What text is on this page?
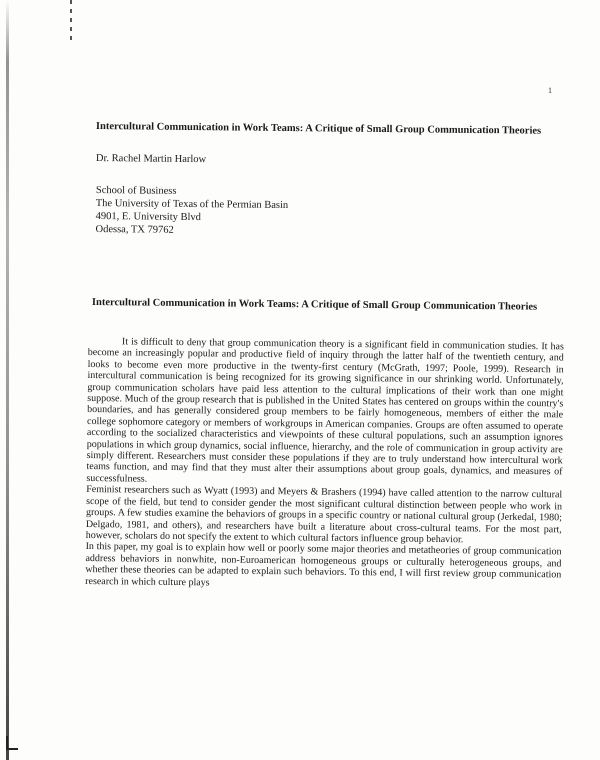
1
Intercultural Communication in Work Teams: A Critique of Small Group Communication Theories
Dr. Rachel Martin Harlow
School of Business
The University of Texas of the Permian Basin
4901, E. University Blvd
Odessa, TX 79762
Intercultural Communication in Work Teams: A Critique of Small Group Communication Theories

It is difficult to deny that group communication theory is a significant field in communication studies. It has become an increasingly popular and productive field of inquiry through the latter half of the twentieth century, and looks to become even more productive in the twenty-first century (McGrath, 1997; Poole, 1999). Research in intercultural communication is being recognized for its growing significance in our shrinking world. Unfortunately, group communication scholars have paid less attention to the cultural implications of their work than one might suppose. Much of the group research that is published in the United States has centered on groups within the country's boundaries, and has generally considered group members to be fairly homogeneous, members of either the male college sophomore category or members of workgroups in American companies. Groups are often assumed to operate according to the socialized characteristics and viewpoints of these cultural populations, such an assumption ignores populations in which group dynamics, social influence, hierarchy, and the role of communication in group activity are simply different. Researchers must consider these populations if they are to truly understand how intercultural work teams function, and may find that they must alter their assumptions about group goals, dynamics, and measures of successfulness.

Feminist researchers such as Wyatt (1993) and Meyers & Brashers (1994) have called attention to the narrow cultural scope of the field, but tend to consider gender the most significant cultural distinction between people who work in groups. A few studies examine the behaviors of groups in a specific country or national cultural group (Jerkedal, 1980; Delgado, 1981, and others), and researchers have built a literature about cross-cultural teams. For the most part, however, scholars do not specify the extent to which cultural factors influence group behavior.

In this paper, my goal is to explain how well or poorly some major theories and metatheories of group communication address behaviors in nonwhite, non-Euroamerican homogeneous groups or culturally heterogeneous groups, and whether these theories can be adapted to explain such behaviors. To this end, I will first review group communication research in which culture plays
